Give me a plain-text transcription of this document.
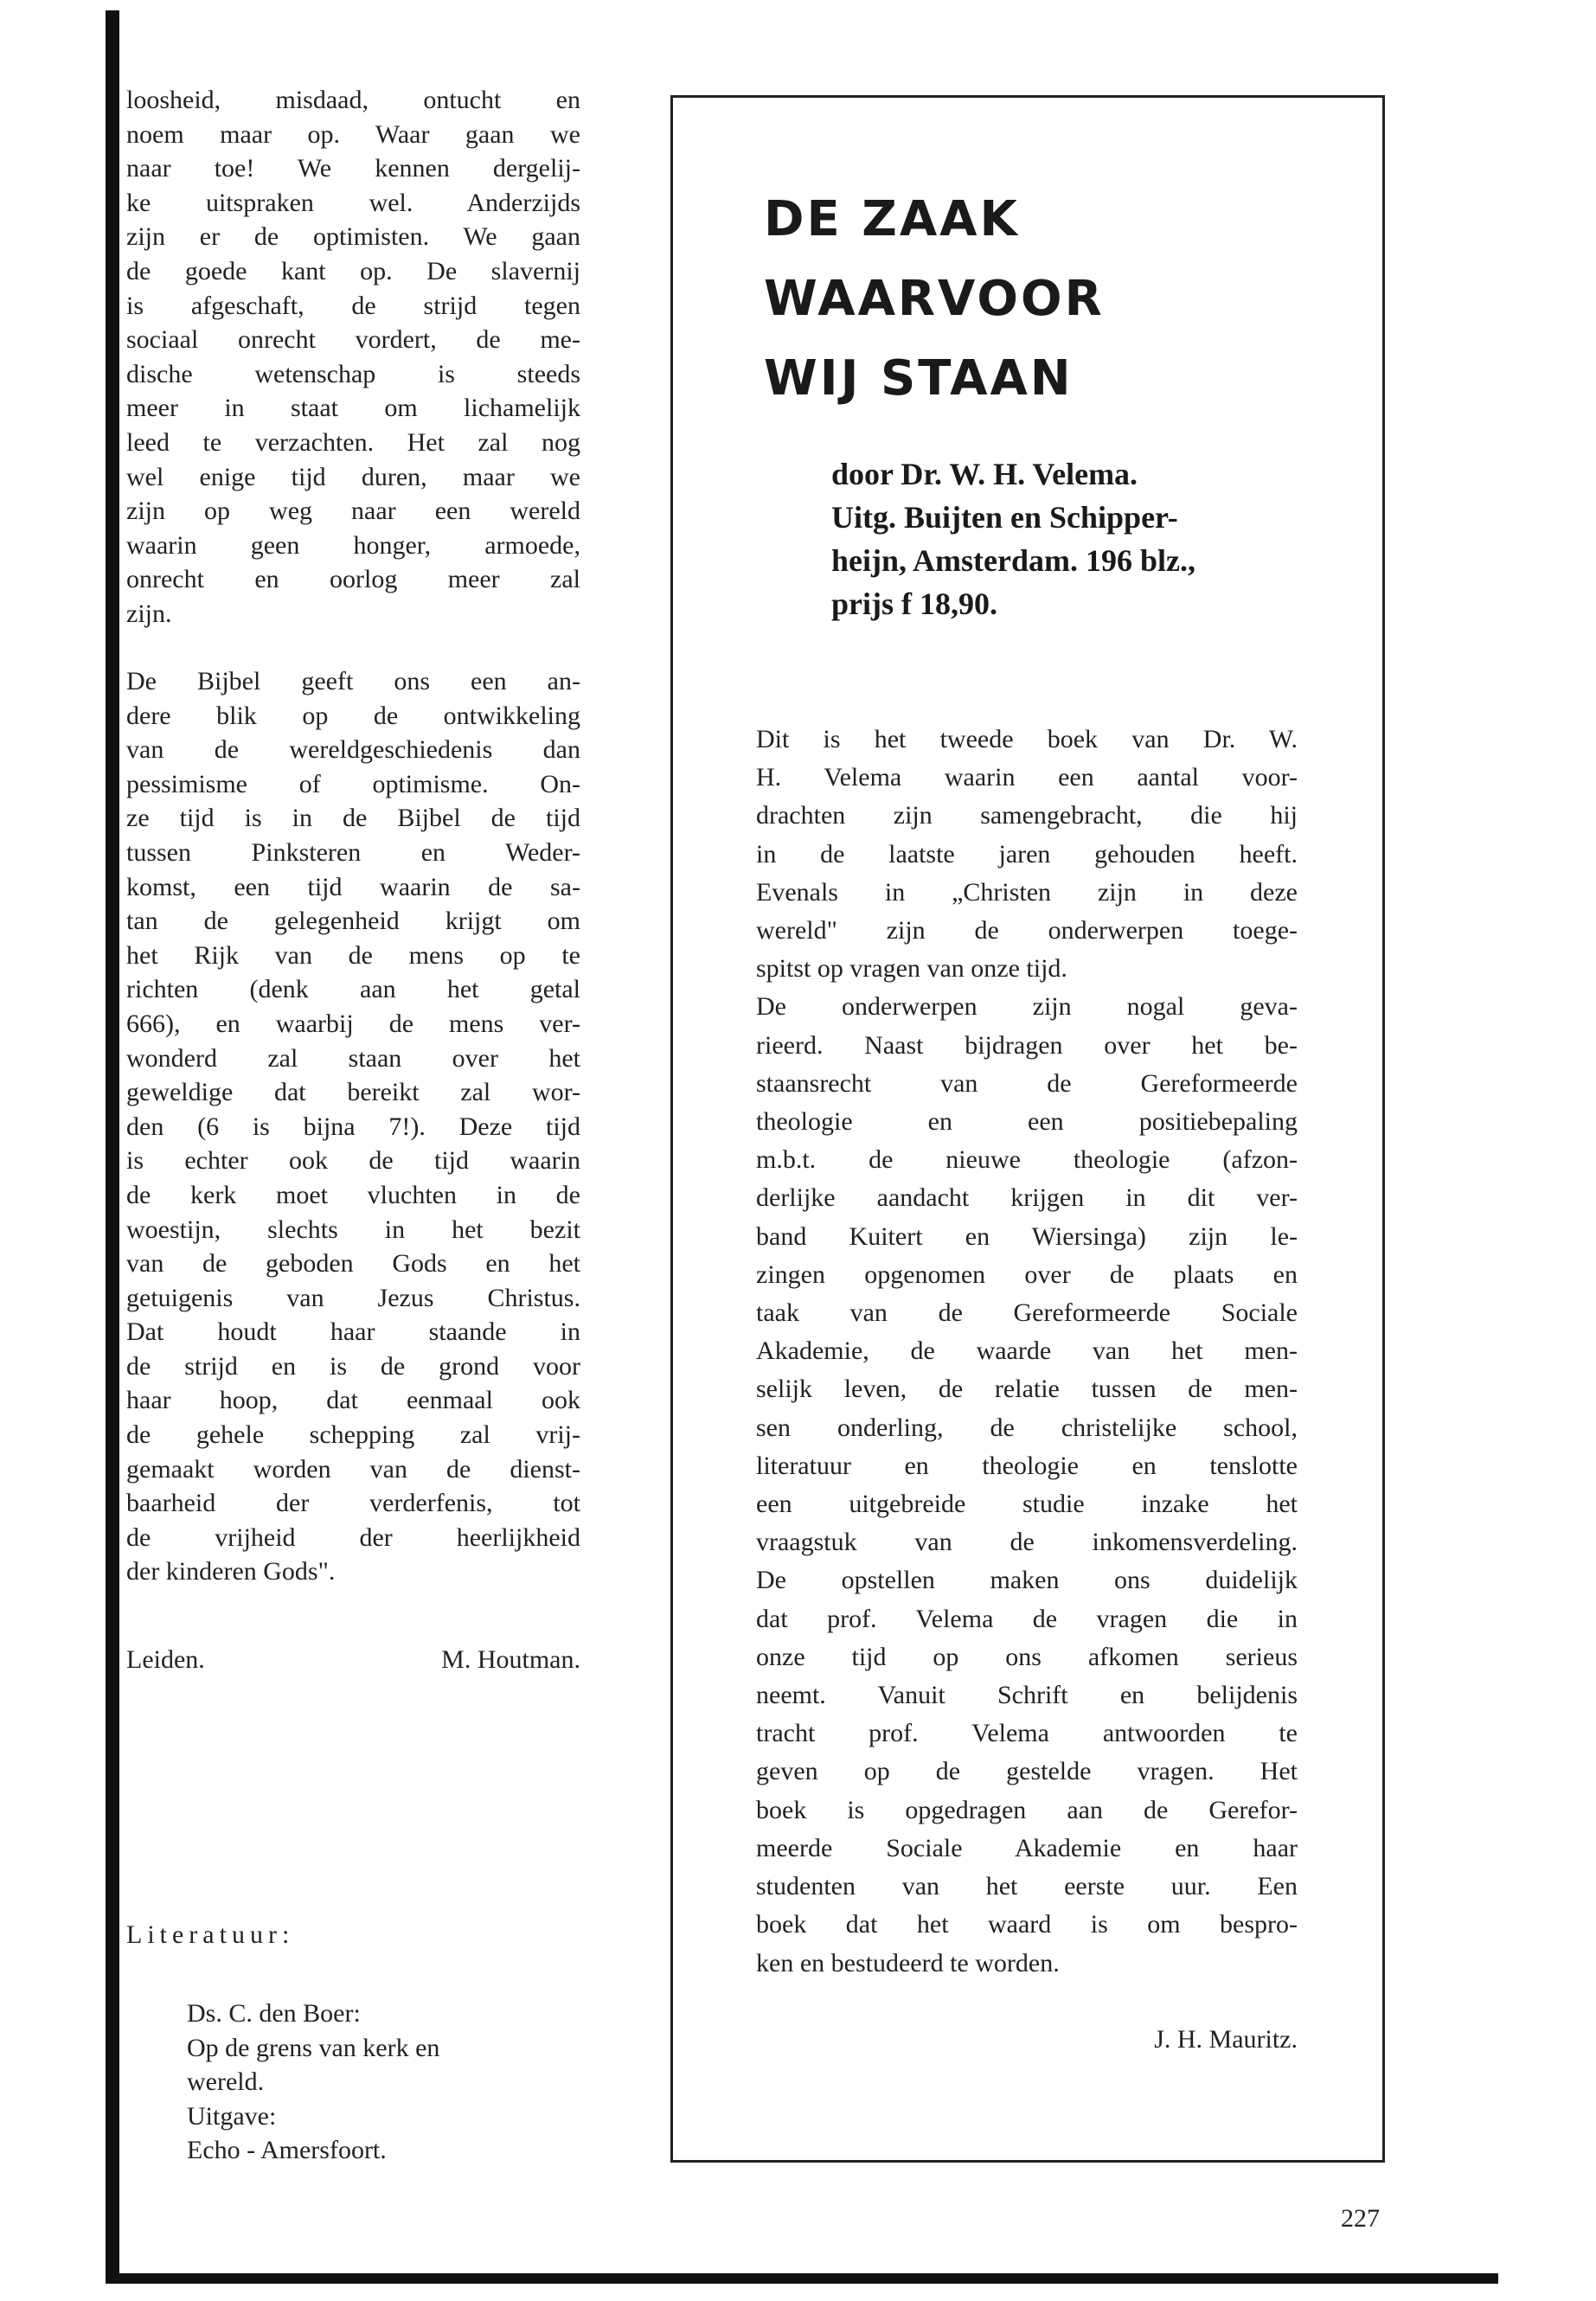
loosheid, misdaad, ontucht en

noem maar op. Waar gaan we

naar toe! We kennen dergelij-

ke uitspraken wel. Anderzijds

zijn er de optimisten. We gaan

de goede kant op. De slavernij

is afgeschaft, de strijd tegen

sociaal onrecht vordert, de me-

dische wetenschap is steeds

meer in staat om lichamelijk

leed te verzachten. Het zal nog

wel enige tijd duren, maar we

zijn op weg naar een wereld

waarin geen honger, armoede,

onrecht en oorlog meer zal

zijn.

De Bijbel geeft ons een an-

dere blik op de ontwikkeling

van de wereldgeschiedenis dan

pessimisme of optimisme. On-

ze tijd is in de Bijbel de tijd

tussen Pinksteren en Weder-

komst, een tijd waarin de sa-

tan de gelegenheid krijgt om

het Rijk van de mens op te

richten (denk aan het getal

666), en waarbij de mens ver-

wonderd zal staan over het

geweldige dat bereikt zal wor-

den (6 is bijna 7!). Deze tijd

is echter ook de tijd waarin

de kerk moet vluchten in de

woestijn, slechts in het bezit

van de geboden Gods en het

getuigenis van Jezus Christus.

Dat houdt haar staande in

de strijd en is de grond voor

haar hoop, dat eenmaal ook

de gehele schepping zal vrij-

gemaakt worden van de dienst-

baarheid der verderfenis, tot

de vrijheid der heerlijkheid

der kinderen Gods".

Leiden.	M. Houtman.

Literatuur:

Ds. C. den Boer:
Op de grens van kerk en
wereld.
Uitgave:
Echo - Amersfoort.
DE ZAAK
WAARVOOR
WIJ STAAN

door Dr. W. H. Velema.
Uitg. Buijten en Schipper-
heijn, Amsterdam. 196 blz.,
prijs f 18,90.

Dit is het tweede boek van Dr. W.

H. Velema waarin een aantal voor-

drachten zijn samengebracht, die hij

in de laatste jaren gehouden heeft.

Evenals in „Christen zijn in deze

wereld" zijn de onderwerpen toege-

spitst op vragen van onze tijd.

De onderwerpen zijn nogal geva-

rieerd. Naast bijdragen over het be-

staansrecht van de Gereformeerde

theologie en een positiebepaling

m.b.t. de nieuwe theologie (afzon-

derlijke aandacht krijgen in dit ver-

band Kuitert en Wiersinga) zijn le-

zingen opgenomen over de plaats en

taak van de Gereformeerde Sociale

Akademie, de waarde van het men-

selijk leven, de relatie tussen de men-

sen onderling, de christelijke school,

literatuur en theologie en tenslotte

een uitgebreide studie inzake het

vraagstuk van de inkomensverdeling.

De opstellen maken ons duidelijk

dat prof. Velema de vragen die in

onze tijd op ons afkomen serieus

neemt. Vanuit Schrift en belijdenis

tracht prof. Velema antwoorden te

geven op de gestelde vragen. Het

boek is opgedragen aan de Gerefor-

meerde Sociale Akademie en haar

studenten van het eerste uur. Een

boek dat het waard is om bespro-

ken en bestudeerd te worden.

J. H. Mauritz.

227
